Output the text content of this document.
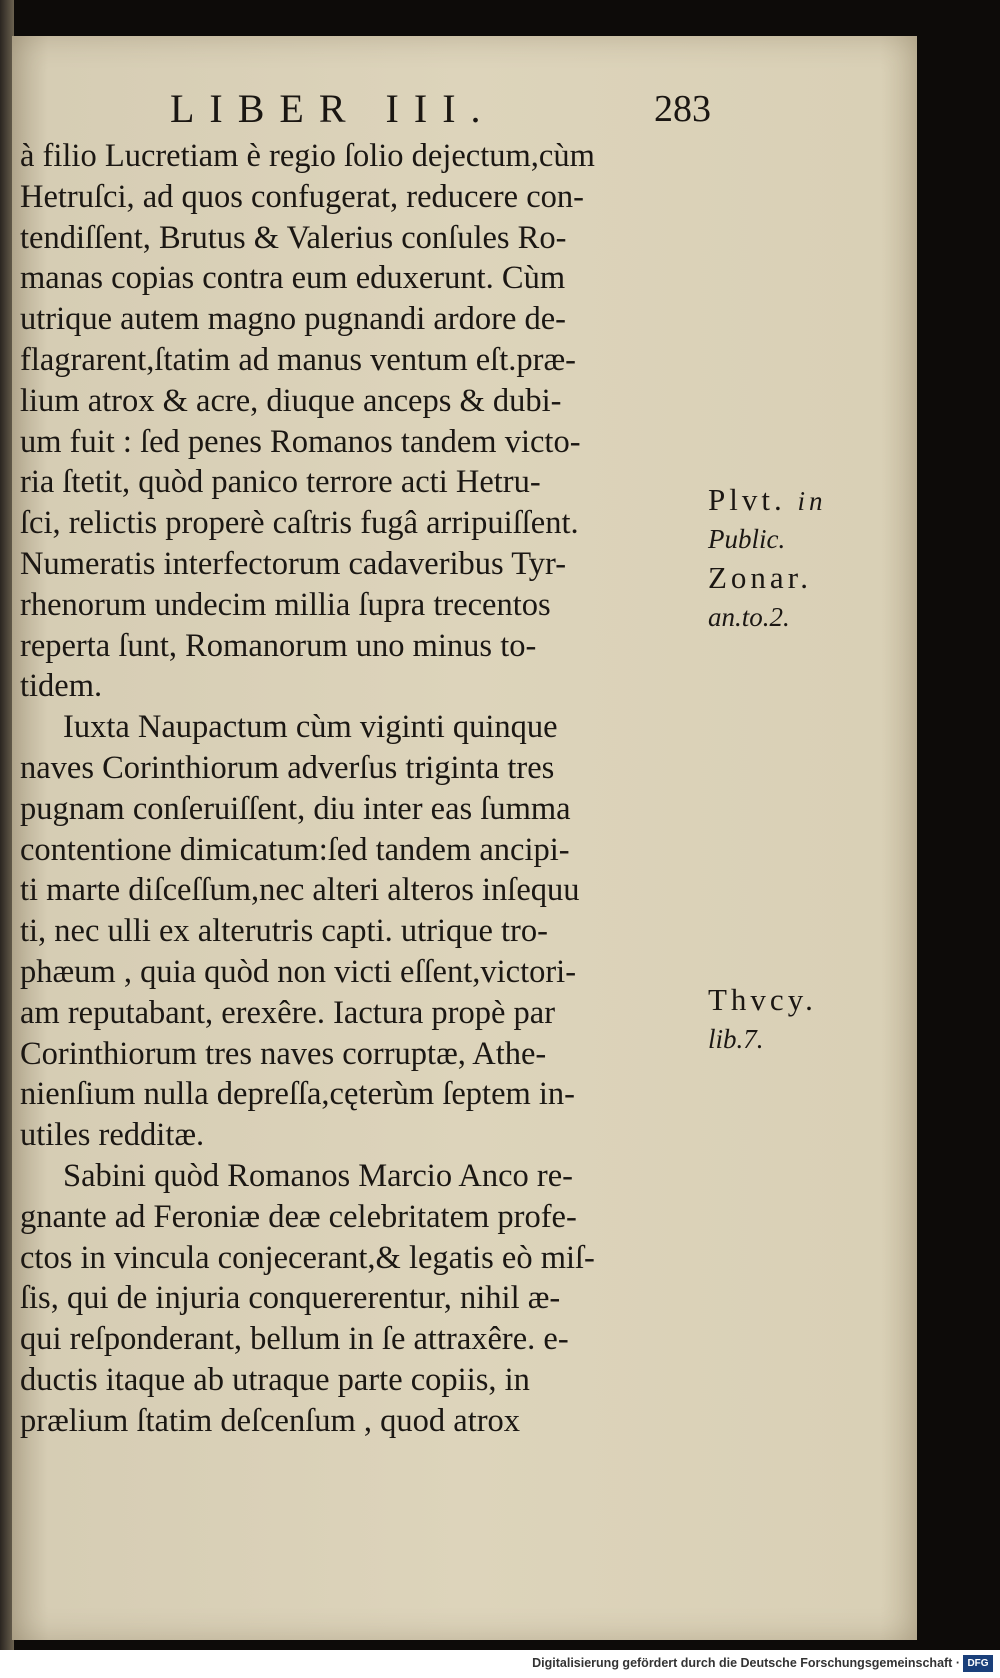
LIBER III.	283
à filio Lucretiam è regio ſolio dejectum,cùm
Hetruſci, ad quos confugerat, reducere con-
tendiſſent, Brutus & Valerius conſules Ro-
manas copias contra eum eduxerunt. Cùm
utrique autem magno pugnandi ardore de-
flagrarent,ſtatim ad manus ventum eſt.præ-
lium atrox & acre, diuque anceps & dubi-
um fuit : ſed penes Romanos tandem victo-
ria ſtetit, quòd panico terrore acti Hetru-
ſci, relictis properè caſtris fugâ arripuiſſent.
Numeratis interfectorum cadaveribus Tyr-
rhenorum undecim millia ſupra trecentos
reperta ſunt, Romanorum uno minus to-
tidem.
Iuxta Naupactum cùm viginti quinque
naves Corinthiorum adverſus triginta tres
pugnam conſeruiſſent, diu inter eas ſumma
contentione dimicatum:ſed tandem ancipi-
ti marte diſceſſum,nec alteri alteros inſequu
ti, nec ulli ex alterutris capti. utrique tro-
phæum , quia quòd non victi eſſent,victori-
am reputabant, erexêre. Iactura propè par
Corinthiorum tres naves corruptæ, Athe-
nienſium nulla depreſſa,cęterùm ſeptem in-
utiles redditæ.
Sabini quòd Romanos Marcio Anco re-
gnante ad Feroniæ deæ celebritatem profe-
ctos in vincula conjecerant,& legatis eò miſ-
ſis, qui de injuria conquererentur, nihil æ-
qui reſponderant, bellum in ſe attraxêre. e-
ductis itaque ab utraque parte copiis, in
prælium ſtatim deſcenſum , quod atrox
Plvt. in
Public.
Zonar.
an.to.2.
Thvcy.
lib.7.
Digitalisierung gefördert durch die Deutsche Forschungsgemeinschaft · DFG
